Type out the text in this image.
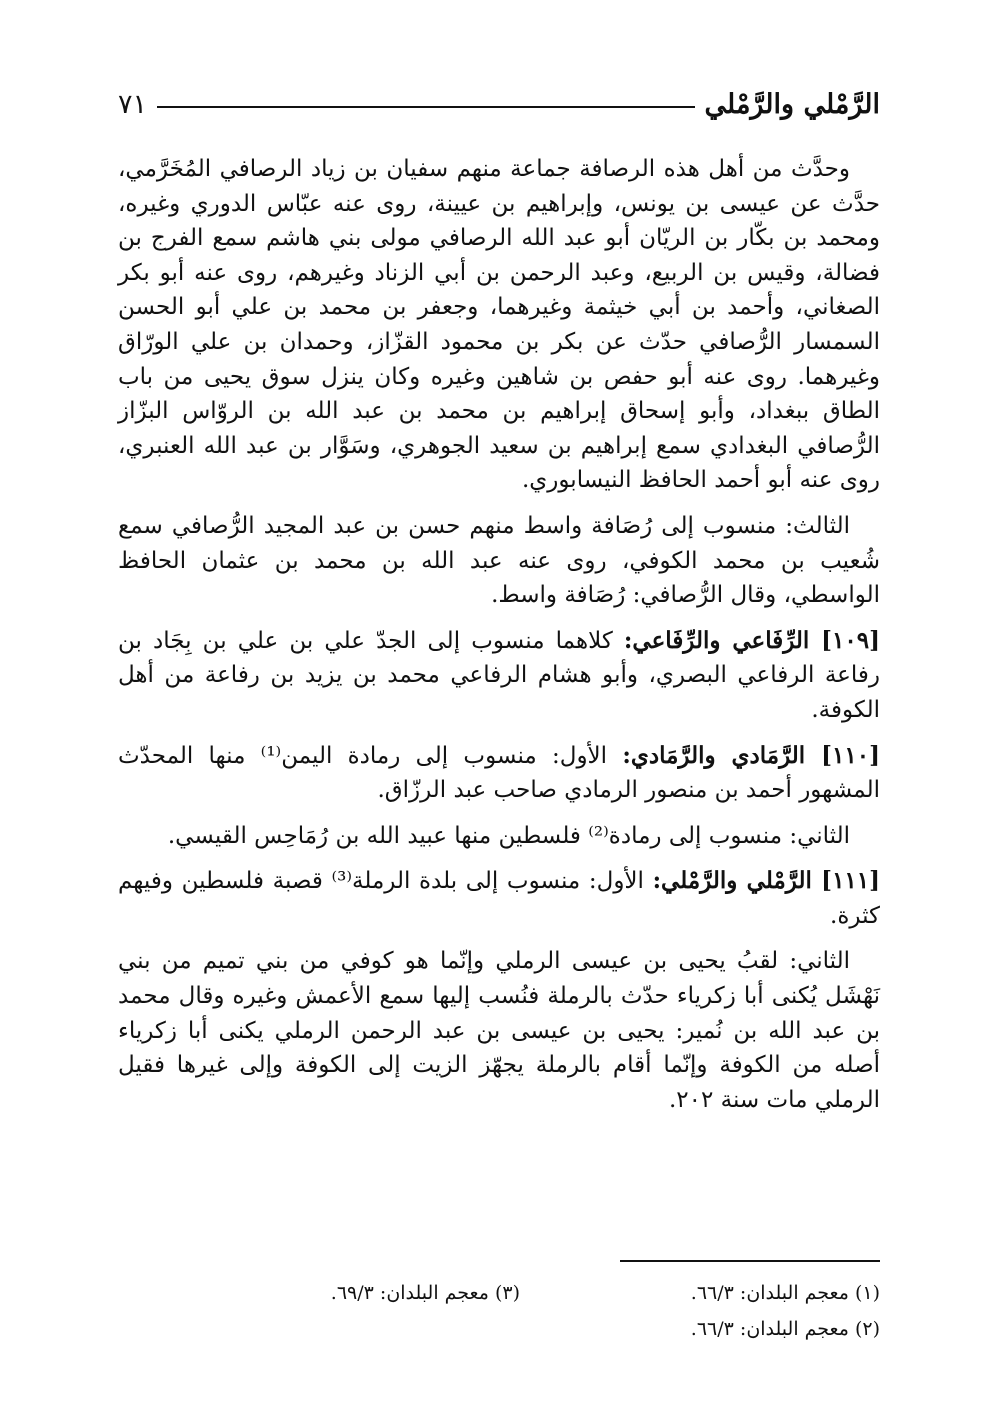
الرَّمْلي والرَّمْلي
٧١

وحدَّث من أهل هذه الرصافة جماعة منهم سفيان بن زياد الرصافي المُخَرَّمي، حدَّث عن عيسى بن يونس، وإبراهيم بن عيينة، روى عنه عبّاس الدوري وغيره، ومحمد بن بكّار بن الريّان أبو عبد الله الرصافي مولى بني هاشم سمع الفرج بن فضالة، وقيس بن الربيع، وعبد الرحمن بن أبي الزناد وغيرهم، روى عنه أبو بكر الصغاني، وأحمد بن أبي خيثمة وغيرهما، وجعفر بن محمد بن علي أبو الحسن السمسار الرُّصافي حدّث عن بكر بن محمود القزّاز، وحمدان بن علي الورّاق وغيرهما. روى عنه أبو حفص بن شاهين وغيره وكان ينزل سوق يحيى من باب الطاق ببغداد، وأبو إسحاق إبراهيم بن محمد بن عبد الله بن الروّاس البزّاز الرُّصافي البغدادي سمع إبراهيم بن سعيد الجوهري، وسَوَّار بن عبد الله العنبري، روى عنه أبو أحمد الحافظ النيسابوري.

الثالث: منسوب إلى رُصَافة واسط منهم حسن بن عبد المجيد الرُّصافي سمع شُعيب بن محمد الكوفي، روى عنه عبد الله بن محمد بن عثمان الحافظ الواسطي، وقال الرُّصافي: رُصَافة واسط.

[١٠٩] الرِّفَاعي والرِّفَاعي: كلاهما منسوب إلى الجدّ علي بن علي بن بِجَاد بن رفاعة الرفاعي البصري، وأبو هشام الرفاعي محمد بن يزيد بن رفاعة من أهل الكوفة.

[١١٠] الرَّمَادي والرَّمَادي: الأول: منسوب إلى رمادة اليمن⁽¹⁾ منها المحدّث المشهور أحمد بن منصور الرمادي صاحب عبد الرزّاق.

الثاني: منسوب إلى رمادة⁽²⁾ فلسطين منها عبيد الله بن رُمَاحِس القيسي.

[١١١] الرَّمْلي والرَّمْلي: الأول: منسوب إلى بلدة الرملة⁽³⁾ قصبة فلسطين وفيهم كثرة.

الثاني: لقبُ يحيى بن عيسى الرملي وإنّما هو كوفي من بني تميم من بني نَهْشَل يُكنى أبا زكرياء حدّث بالرملة فنُسب إليها سمع الأعمش وغيره وقال محمد بن عبد الله بن نُمير: يحيى بن عيسى بن عبد الرحمن الرملي يكنى أبا زكرياء أصله من الكوفة وإنّما أقام بالرملة يجهّز الزيت إلى الكوفة وإلى غيرها فقيل الرملي مات سنة ٢٠٢.

(١) معجم البلدان: ٦٦/٣.
(٢) معجم البلدان: ٦٦/٣.
(٣) معجم البلدان: ٦٩/٣.
